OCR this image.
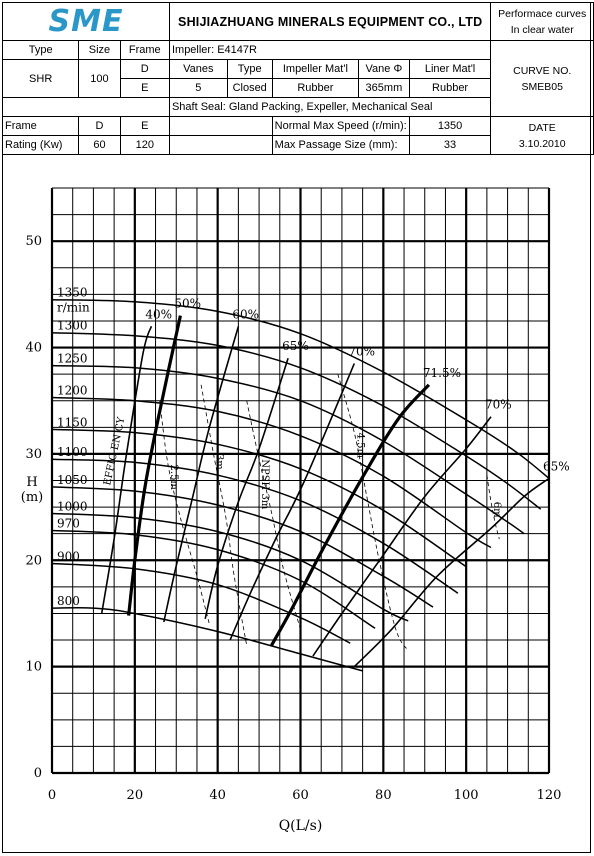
SME			SHIJIAZHUANG MINERALS EQUIPMENT CO., LTD					Performace curves
In clear water
Type	Size	Frame	Impeller: E4147R					CURVE NO.
SMEB05
SHR	100	D	Vanes	Type	Impeller Mat'l	Vane Φ	Liner Mat'l	
		E	5	Closed	Rubber	365mm	Rubber	
			Shaft Seal: Gland Packing, Expeller, Mechanical Seal					
Frame	D	E			Normal Max Speed (r/min):		1350	DATE
3.10.2010
Rating (Kw)	60	120			Max Passage Size (mm):		33	
0	20	40	60	80	100	120
0
10
20
30
40
50
Q(L/s)
H
(m)
1350
1300
1250
1200
1150
1100
1050
1000
970
900
800
r/min
2.5m
3m	NPSH 3m
4.5m
6m
EFFIC EN CY
40%
50%
60%
65%	70%
71.5%
70%
65%
